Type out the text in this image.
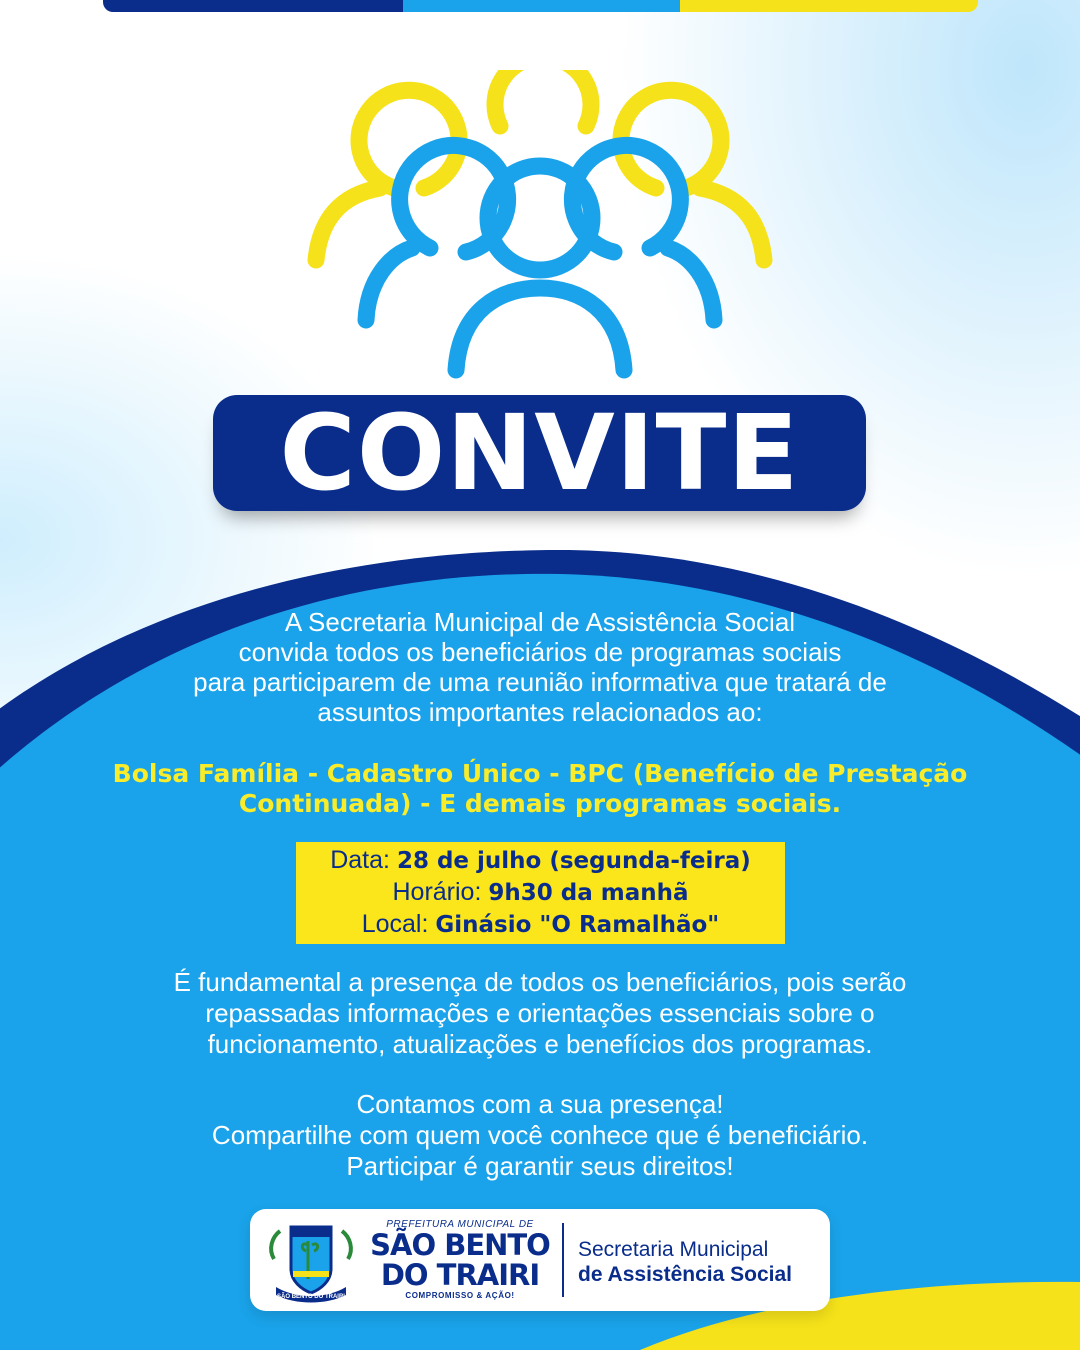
CONVITE
A Secretaria Municipal de Assistência Social
convida todos os beneficiários de programas sociais
para participarem de uma reunião informativa que tratará de
assuntos importantes relacionados ao:
Bolsa Família - Cadastro Único - BPC (Benefício de Prestação
Continuada) - E demais programas sociais.
Data: 28 de julho (segunda-feira)
Horário: 9h30 da manhã
Local: Ginásio "O Ramalhão"
É fundamental a presença de todos os beneficiários, pois serão
repassadas informações e orientações essenciais sobre o
funcionamento, atualizações e benefícios dos programas.
Contamos com a sua presença!
Compartilhe com quem você conhece que é beneficiário.
Participar é garantir seus direitos!
SÃO BENTO DO TRAIRI
PREFEITURA MUNICIPAL DE
SÃO BENTO
DO TRAIRI
COMPROMISSO & AÇÃO!
Secretaria Municipal
de Assistência Social
